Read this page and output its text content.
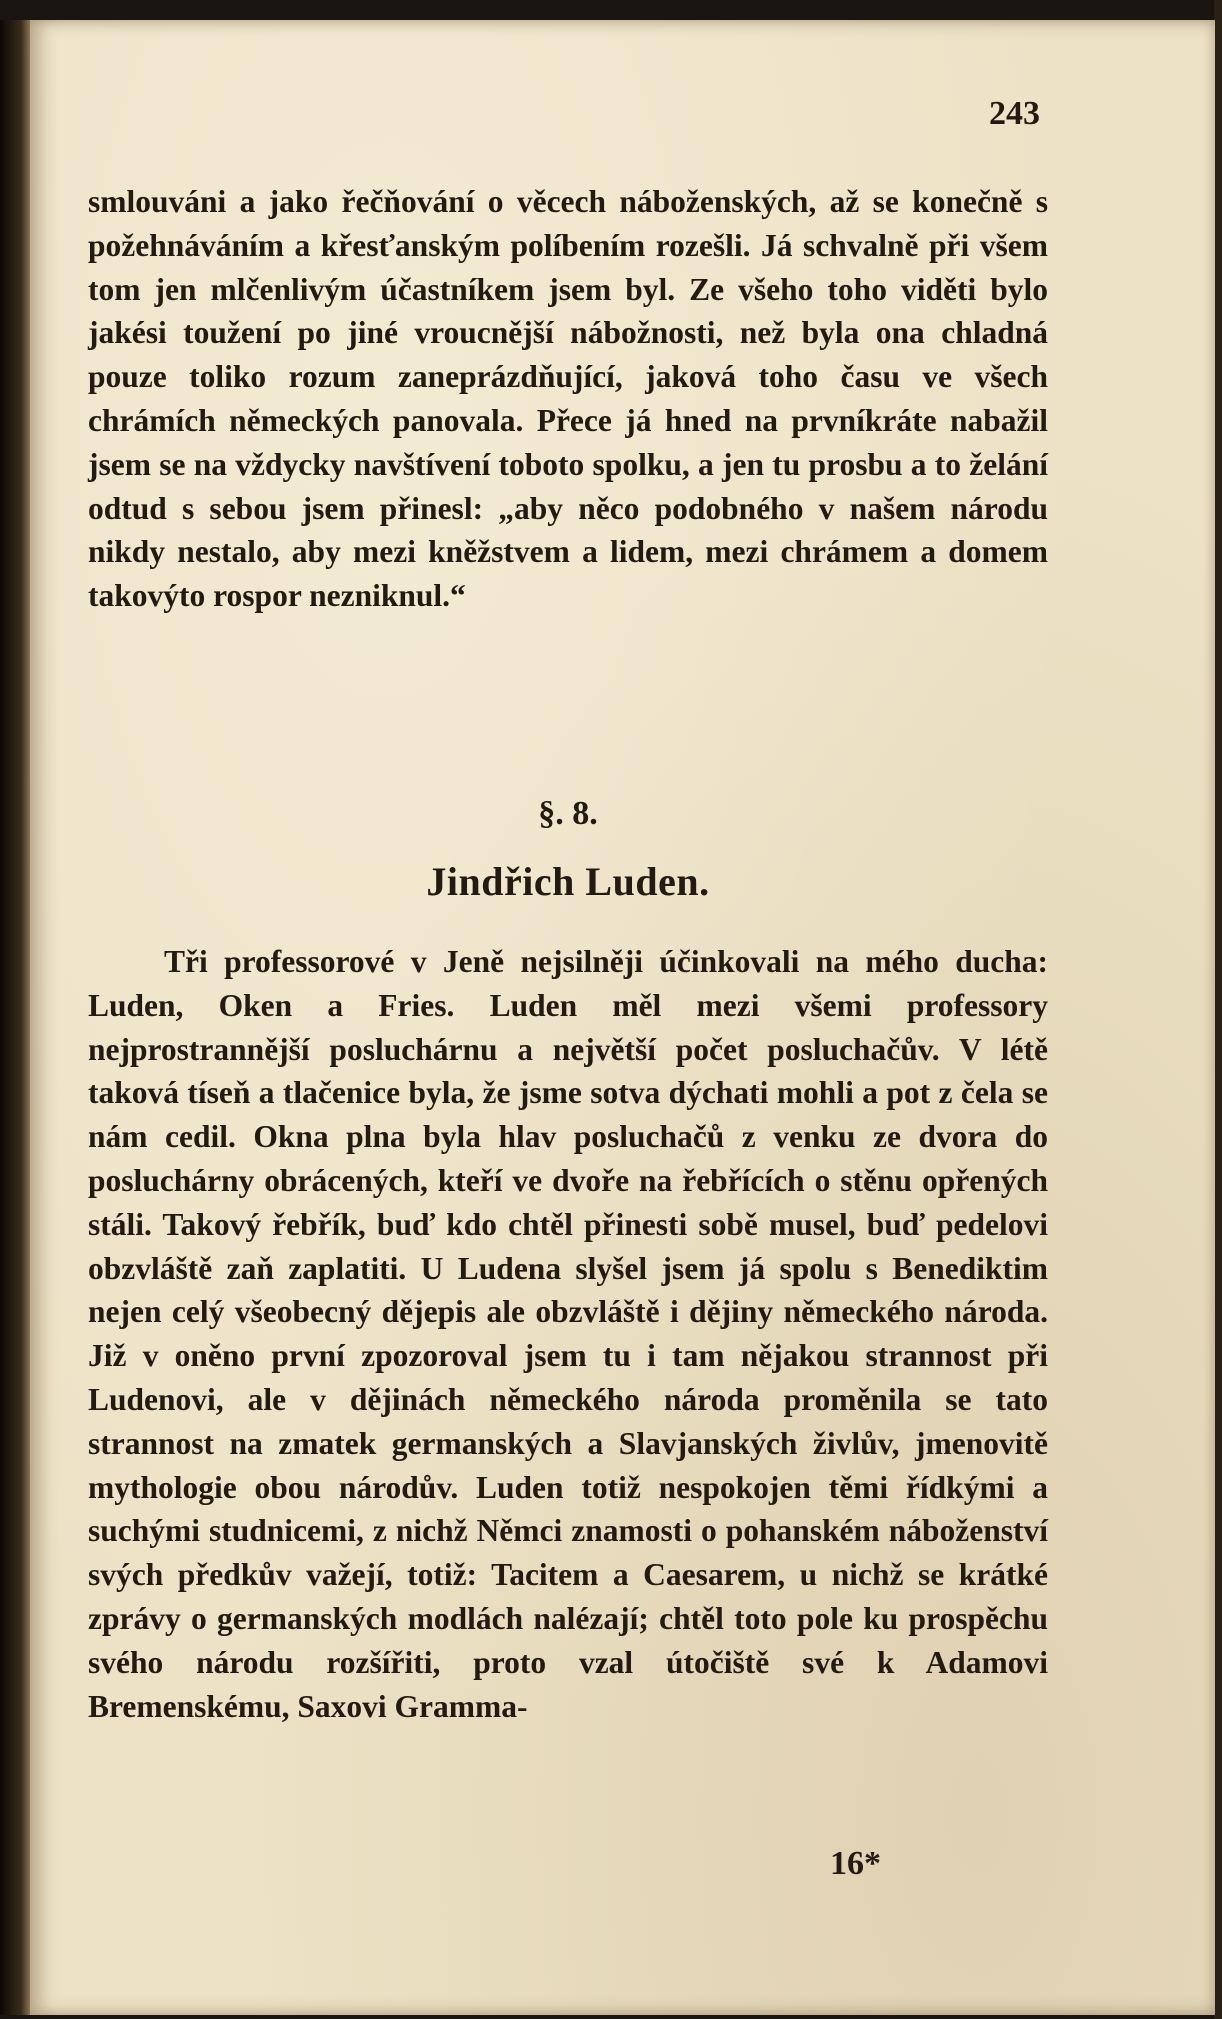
243
smlouváni a jako řečňování o věcech náboženských, až se konečně s požehnáváním a křesťanským políbením rozešli. Já schvalně při všem tom jen mlčenlivým účastníkem jsem byl. Ze všeho toho viděti bylo jakési toužení po jiné vroucnější nábožnosti, než byla ona chladná pouze toliko rozum zaneprázdňující, jaková toho času ve všech chrámích německých panovala. Přece já hned na prvníkráte nabažil jsem se na vždycky navštívení toboto spolku, a jen tu prosbu a to želání odtud s sebou jsem přinesl: „aby něco podobného v našem národu nikdy nestalo, aby mezi kněžstvem a lidem, mezi chrámem a domem takovýto rospor nezniknul.“
§. 8.
Jindřich Luden.
Tři professorové v Jeně nejsilněji účinkovali na mého ducha: Luden, Oken a Fries. Luden měl mezi všemi professory nejprostrannější posluchárnu a největší počet posluchačův. V létě taková tíseň a tlačenice byla, že jsme sotva dýchati mohli a pot z čela se nám cedil. Okna plna byla hlav posluchačů z venku ze dvora do posluchárny obrácených, kteří ve dvoře na řebřících o stěnu opřených stáli. Takový řebřík, buď kdo chtěl přinesti sobě musel, buď pedelovi obzvláště zaň zaplatiti. U Ludena slyšel jsem já spolu s Benediktim nejen celý všeobecný dějepis ale obzvláště i dějiny německého národa. Již v oněno první zpozoroval jsem tu i tam nějakou strannost při Ludenovi, ale v dějinách německého národa proměnila se tato strannost na zmatek germanských a Slavjanských živlův, jmenovitě mythologie obou národův. Luden totiž nespokojen těmi řídkými a suchými studnicemi, z nichž Němci znamosti o pohanském náboženství svých předkův važejí, totiž: Tacitem a Caesarem, u nichž se krátké zprávy o germanských modlách nalézají; chtěl toto pole ku prospěchu svého národu rozšířiti, proto vzal útočiště své k Adamovi Bremenskému, Saxovi Gramma-
16*
